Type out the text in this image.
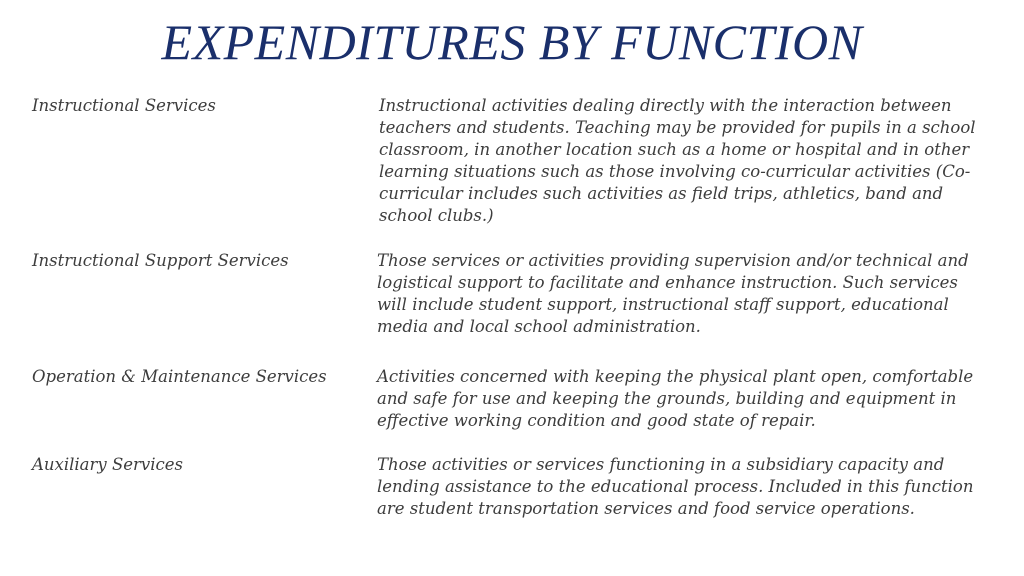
EXPENDITURES BY FUNCTION
Instructional Services	Instructional activities dealing directly with the interaction between teachers and students. Teaching may be provided for pupils in a school classroom, in another location such as a home or hospital and in other learning situations such as those involving co-curricular activities (Co-curricular includes such activities as field trips, athletics, band and school clubs.)
Instructional Support Services	Those services or activities providing supervision and/or technical and logistical support to facilitate and enhance instruction. Such services will include student support, instructional staff support, educational media and local school administration.
Operation & Maintenance Services	Activities concerned with keeping the physical plant open, comfortable and safe for use and keeping the grounds, building and equipment in effective working condition and good state of repair.
Auxiliary Services	Those activities or services functioning in a subsidiary capacity and lending assistance to the educational process. Included in this function are student transportation services and food service operations.
